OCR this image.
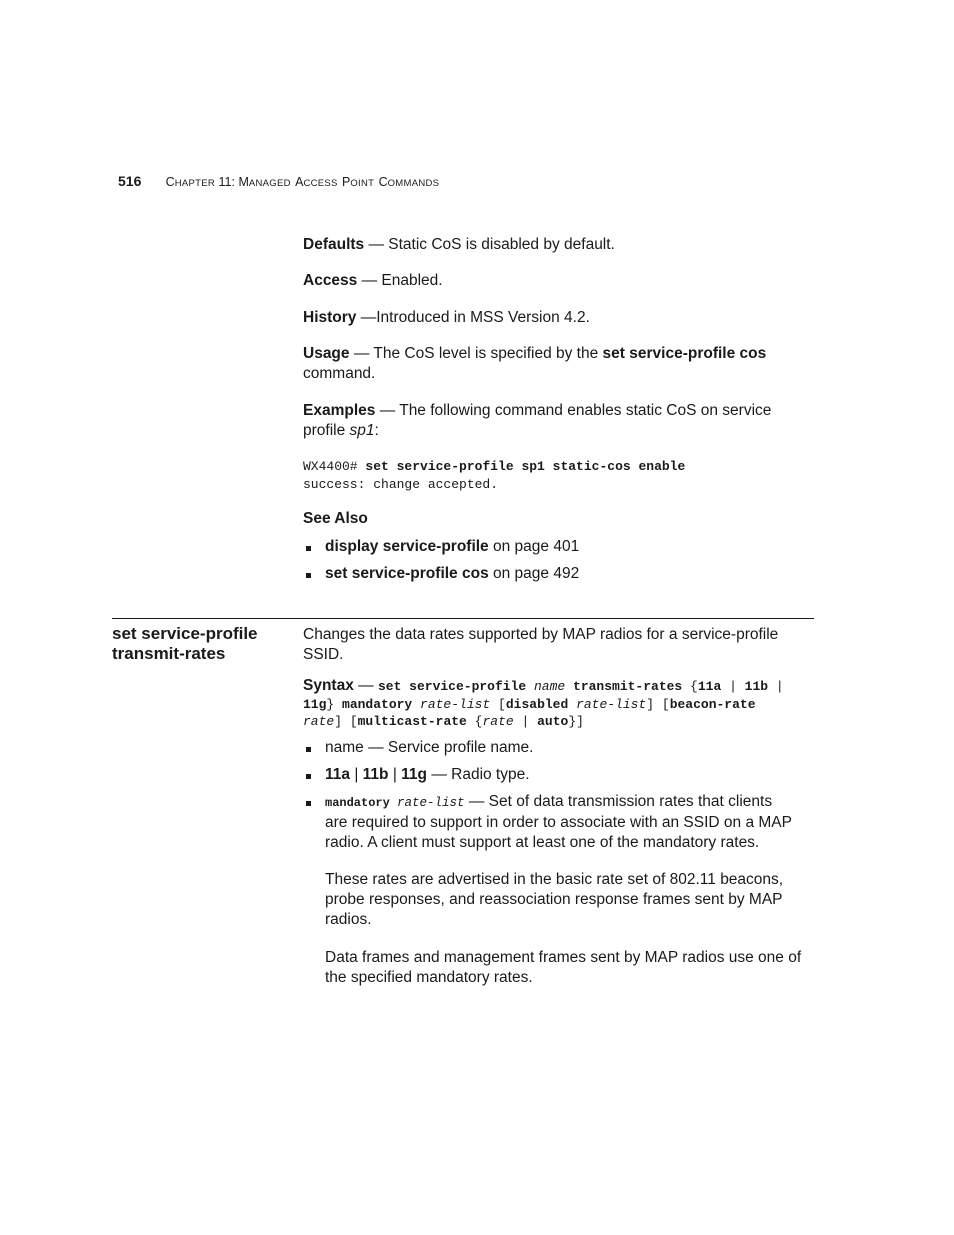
516 CHAPTER 11: MANAGED ACCESS POINT COMMANDS

Defaults — Static CoS is disabled by default.

Access — Enabled.

History —Introduced in MSS Version 4.2.

Usage — The CoS level is specified by the set service-profile cos
command.

Examples — The following command enables static CoS on service
profile sp1:

WX4400# set service-profile sp1 static-cos enable
success: change accepted.
See Also
display service-profile on page 401
set service-profile cos on page 492
set service-profile
transmit-rates

Changes the data rates supported by MAP radios for a service-profile
SSID.

Syntax — set service-profile name transmit-rates {11a | 11b |
11g} mandatory rate-list [disabled rate-list] [beacon-rate
rate] [multicast-rate {rate | auto}]
name — Service profile name.
11a | 11b | 11g — Radio type.
mandatory rate-list — Set of data transmission rates that clients
are required to support in order to associate with an SSID on a MAP
radio. A client must support at least one of the mandatory rates.
These rates are advertised in the basic rate set of 802.11 beacons,
probe responses, and reassociation response frames sent by MAP
radios.
Data frames and management frames sent by MAP radios use one of
the specified mandatory rates.
